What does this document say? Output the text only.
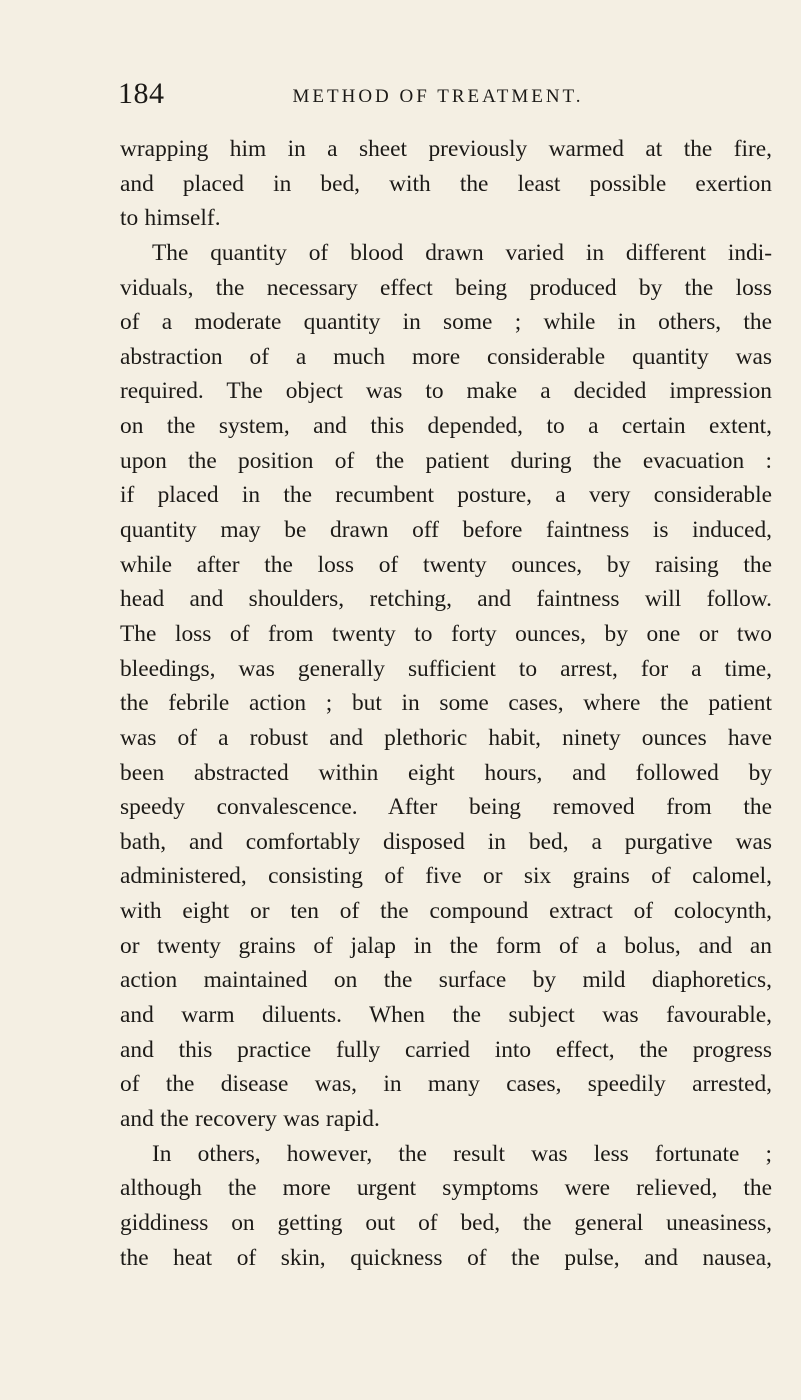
184	METHOD OF TREATMENT.
wrapping him in a sheet previously warmed at the fire,
and placed in bed, with the least possible exertion
to himself.
The quantity of blood drawn varied in different indi-
viduals, the necessary effect being produced by the loss
of a moderate quantity in some ; while in others, the
abstraction of a much more considerable quantity was
required. The object was to make a decided impression
on the system, and this depended, to a certain extent,
upon the position of the patient during the evacuation :
if placed in the recumbent posture, a very considerable
quantity may be drawn off before faintness is induced,
while after the loss of twenty ounces, by raising the
head and shoulders, retching, and faintness will follow.
The loss of from twenty to forty ounces, by one or two
bleedings, was generally sufficient to arrest, for a time,
the febrile action ; but in some cases, where the patient
was of a robust and plethoric habit, ninety ounces have
been abstracted within eight hours, and followed by
speedy convalescence. After being removed from the
bath, and comfortably disposed in bed, a purgative was
administered, consisting of five or six grains of calomel,
with eight or ten of the compound extract of colocynth,
or twenty grains of jalap in the form of a bolus, and an
action maintained on the surface by mild diaphoretics,
and warm diluents. When the subject was favourable,
and this practice fully carried into effect, the progress
of the disease was, in many cases, speedily arrested,
and the recovery was rapid.
In others, however, the result was less fortunate ;
although the more urgent symptoms were relieved, the
giddiness on getting out of bed, the general uneasiness,
the heat of skin, quickness of the pulse, and nausea,
